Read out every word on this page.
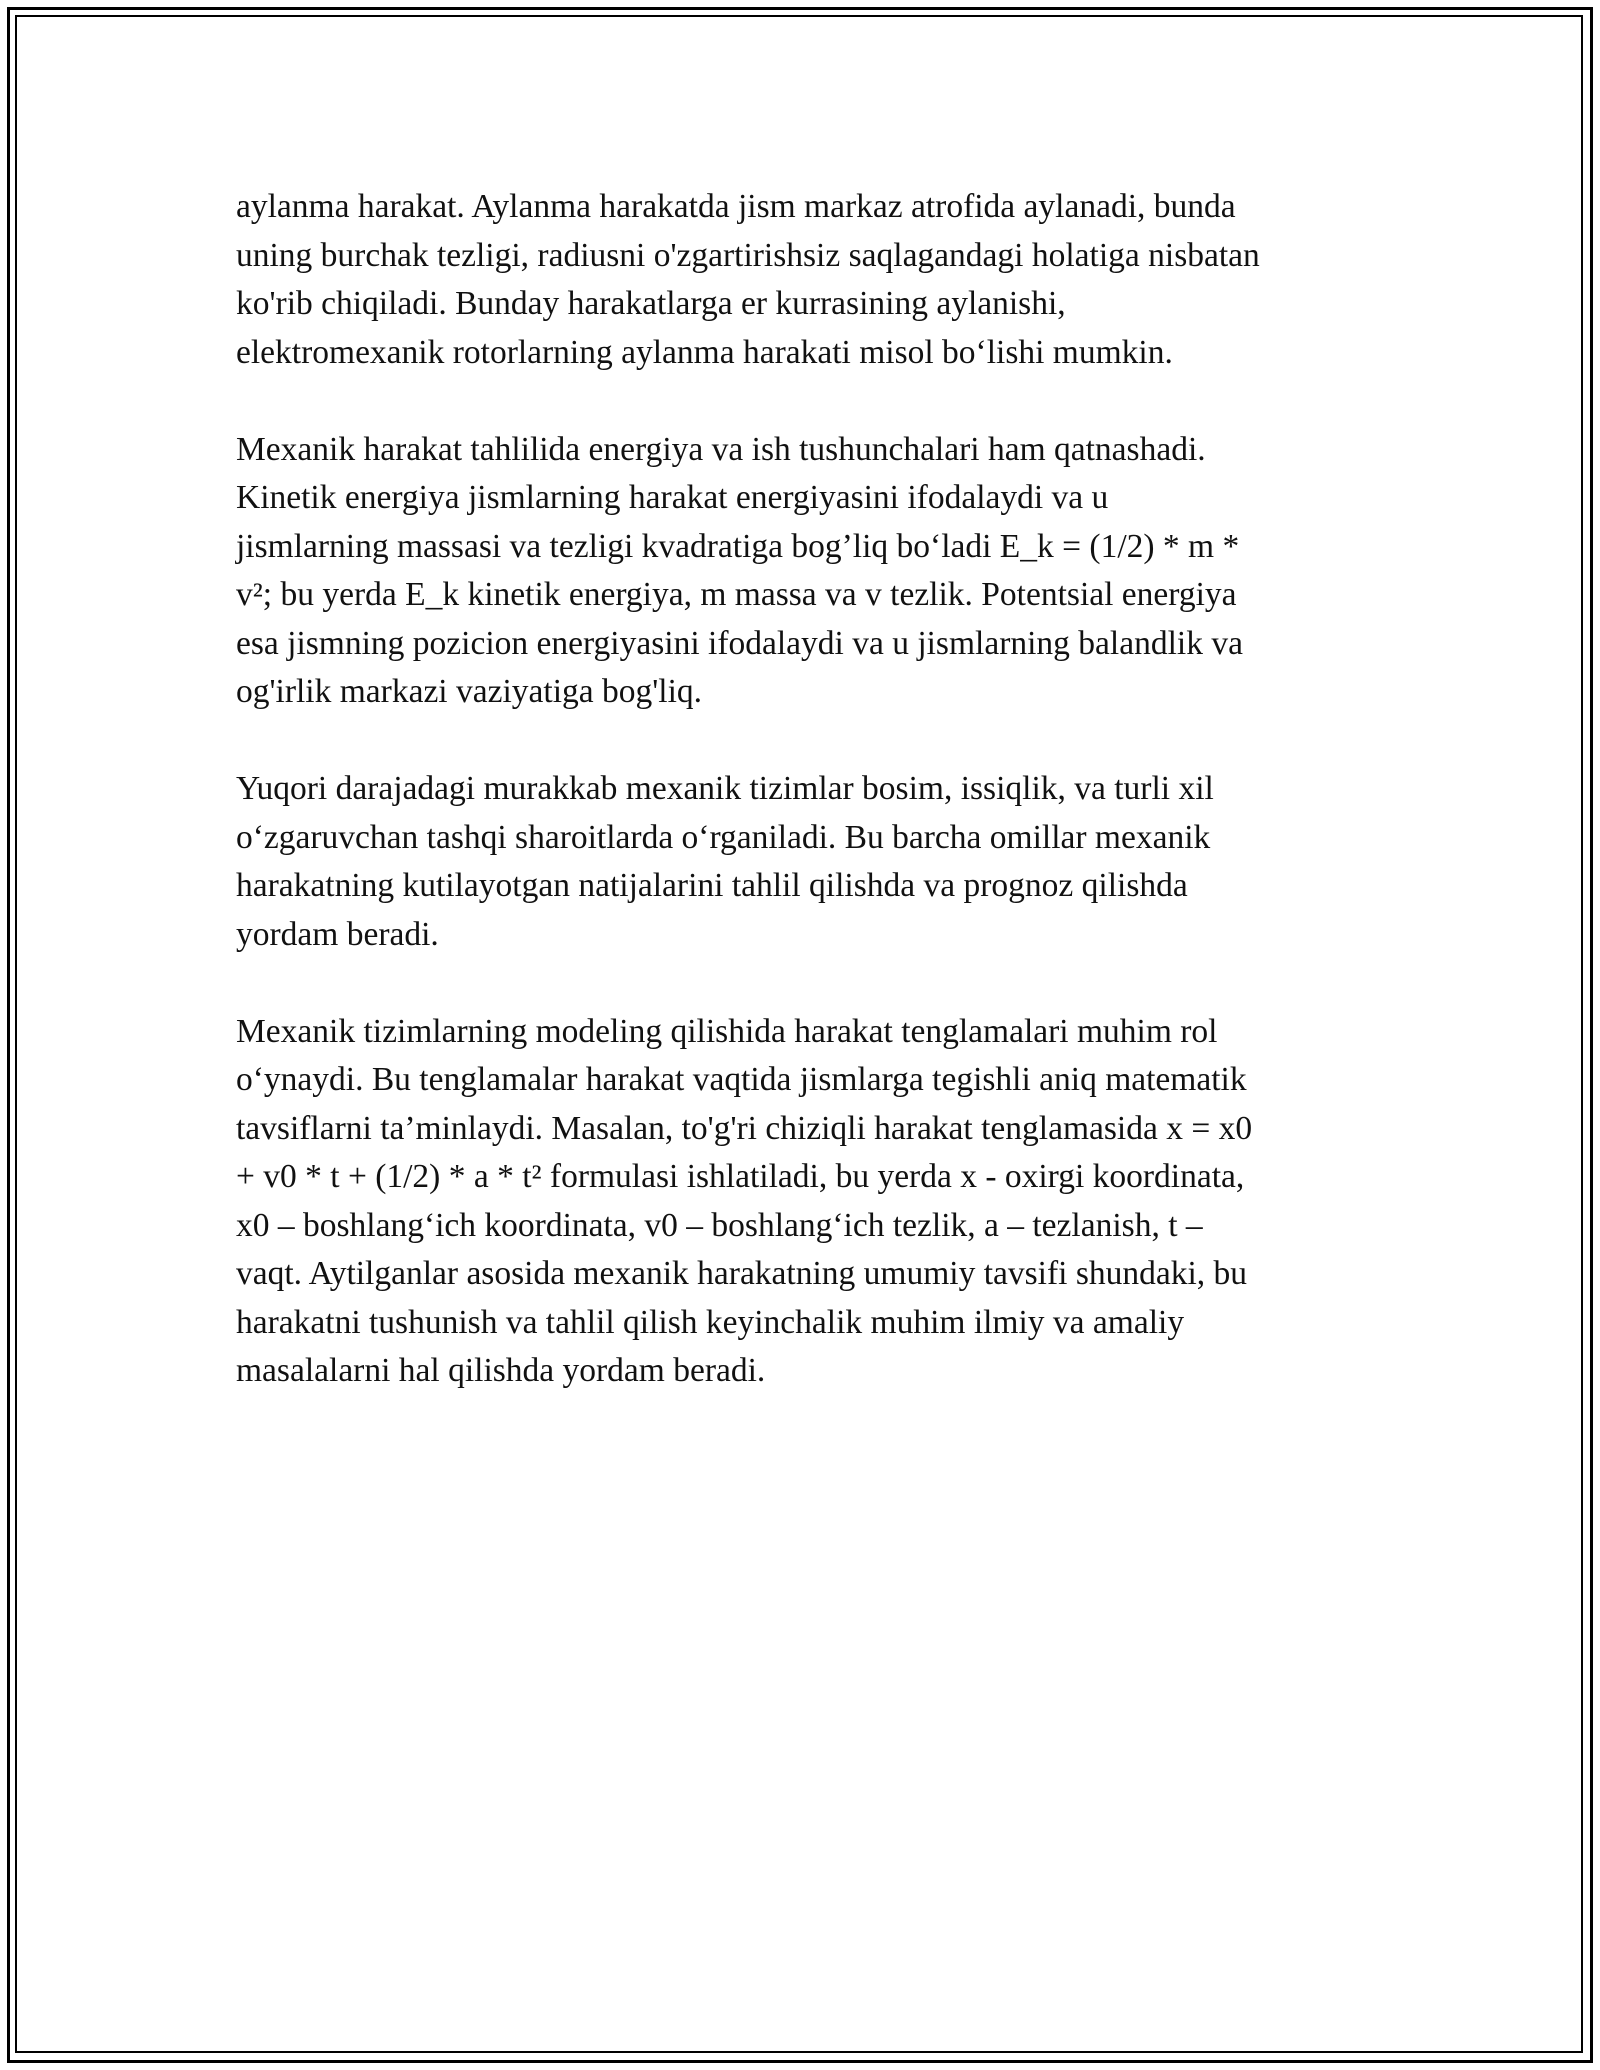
aylanma harakat. Aylanma harakatda jism markaz atrofida aylanadi, bunda
uning burchak tezligi, radiusni o'zgartirishsiz saqlagandagi holatiga nisbatan
ko'rib chiqiladi. Bunday harakatlarga er kurrasining aylanishi,
elektromexanik rotorlarning aylanma harakati misol bo‘lishi mumkin.

Mexanik harakat tahlilida energiya va ish tushunchalari ham qatnashadi.
Kinetik energiya jismlarning harakat energiyasini ifodalaydi va u
jismlarning massasi va tezligi kvadratiga bog’liq bo‘ladi E_k = (1/2) * m *
v²; bu yerda E_k kinetik energiya, m massa va v tezlik. Potentsial energiya
esa jismning pozicion energiyasini ifodalaydi va u jismlarning balandlik va
og'irlik markazi vaziyatiga bog'liq.

Yuqori darajadagi murakkab mexanik tizimlar bosim, issiqlik, va turli xil
o‘zgaruvchan tashqi sharoitlarda o‘rganiladi. Bu barcha omillar mexanik
harakatning kutilayotgan natijalarini tahlil qilishda va prognoz qilishda
yordam beradi.

Mexanik tizimlarning modeling qilishida harakat tenglamalari muhim rol
o‘ynaydi. Bu tenglamalar harakat vaqtida jismlarga tegishli aniq matematik
tavsiflarni ta’minlaydi. Masalan, to'g'ri chiziqli harakat tenglamasida x = x0
+ v0 * t + (1/2) * a * t² formulasi ishlatiladi, bu yerda x - oxirgi koordinata,
x0 – boshlang‘ich koordinata, v0 – boshlang‘ich tezlik, a – tezlanish, t –
vaqt. Aytilganlar asosida mexanik harakatning umumiy tavsifi shundaki, bu
harakatni tushunish va tahlil qilish keyinchalik muhim ilmiy va amaliy
masalalarni hal qilishda yordam beradi.
